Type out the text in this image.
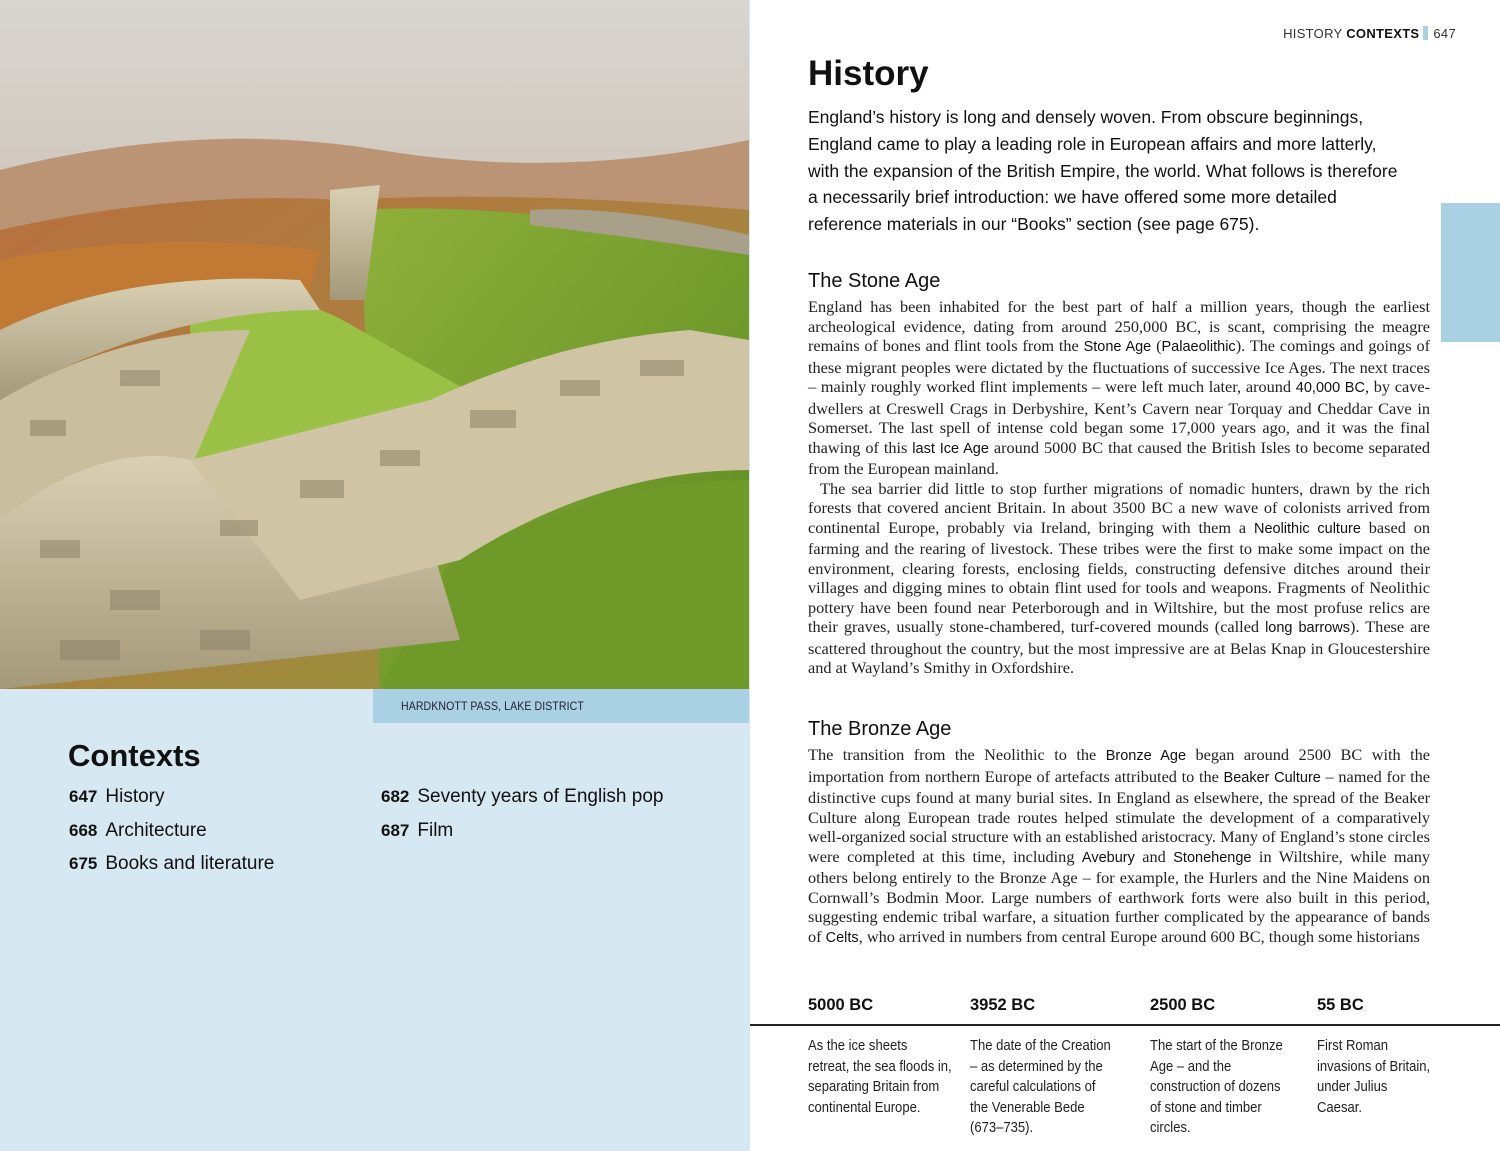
HARDKNOTT PASS, LAKE DISTRICT
Contexts
647 History
668 Architecture
675 Books and literature
682 Seventy years of English pop
687 Film
HISTORY CONTEXTS 647
History

England’s history is long and densely woven. From obscure beginnings, England came to play a leading role in European affairs and more latterly, with the expansion of the British Empire, the world. What follows is therefore a necessarily brief introduction: we have offered some more detailed reference materials in our “Books” section (see page 675).

The Stone Age

England has been inhabited for the best part of half a million years, though the earliest archeological evidence, dating from around 250,000 BC, is scant, comprising the meagre remains of bones and flint tools from the Stone Age (Palaeolithic). The comings and goings of these migrant peoples were dictated by the fluctuations of successive Ice Ages. The next traces – mainly roughly worked flint implements – were left much later, around 40,000 BC, by cave-dwellers at Creswell Crags in Derbyshire, Kent’s Cavern near Torquay and Cheddar Cave in Somerset. The last spell of intense cold began some 17,000 years ago, and it was the final thawing of this last Ice Age around 5000 BC that caused the British Isles to become separated from the European mainland.

The sea barrier did little to stop further migrations of nomadic hunters, drawn by the rich forests that covered ancient Britain. In about 3500 BC a new wave of colonists arrived from continental Europe, probably via Ireland, bringing with them a Neolithic culture based on farming and the rearing of livestock. These tribes were the first to make some impact on the environment, clearing forests, enclosing fields, constructing defensive ditches around their villages and digging mines to obtain flint used for tools and weapons. Fragments of Neolithic pottery have been found near Peterborough and in Wiltshire, but the most profuse relics are their graves, usually stone-chambered, turf-covered mounds (called long barrows). These are scattered throughout the country, but the most impressive are at Belas Knap in Gloucestershire and at Wayland’s Smithy in Oxfordshire.

The Bronze Age

The transition from the Neolithic to the Bronze Age began around 2500 BC with the importation from northern Europe of artefacts attributed to the Beaker Culture – named for the distinctive cups found at many burial sites. In England as elsewhere, the spread of the Beaker Culture along European trade routes helped stimulate the development of a comparatively well-organized social structure with an established aristocracy. Many of England’s stone circles were completed at this time, including Avebury and Stonehenge in Wiltshire, while many others belong entirely to the Bronze Age – for example, the Hurlers and the Nine Maidens on Cornwall’s Bodmin Moor. Large numbers of earthwork forts were also built in this period, suggesting endemic tribal warfare, a situation further complicated by the appearance of bands of Celts, who arrived in numbers from central Europe around 600 BC, though some historians

5000 BC

As the ice sheets retreat, the sea floods in, separating Britain from continental Europe.

3952 BC

The date of the Creation – as determined by the careful calculations of the Venerable Bede (673–735).

2500 BC

The start of the Bronze Age – and the construction of dozens of stone and timber circles.

55 BC

First Roman invasions of Britain, under Julius Caesar.
